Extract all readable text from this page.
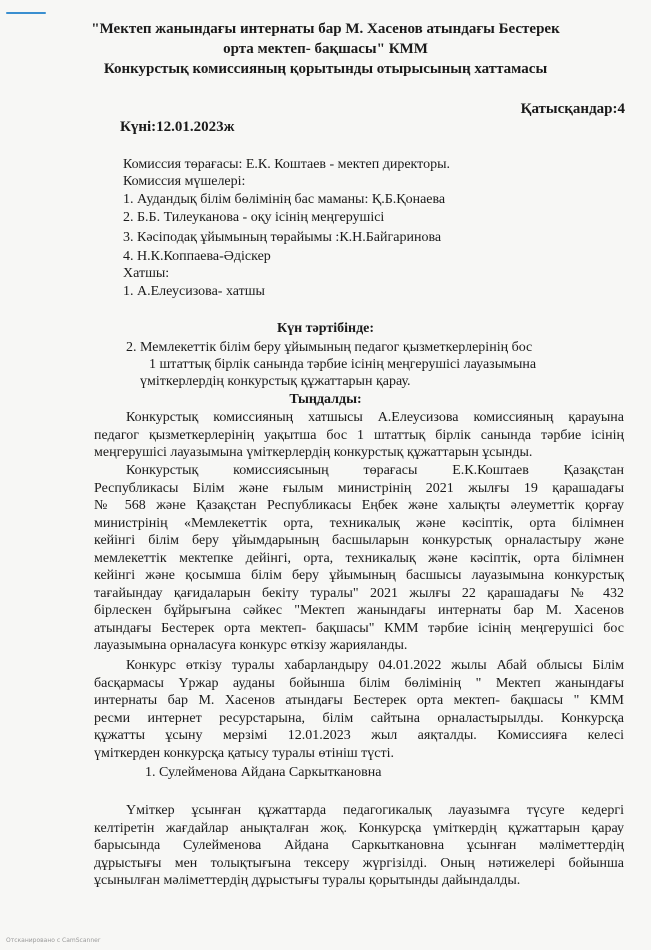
"Мектеп жанындағы интернаты бар М. Хасенов атындағы Бестерек
орта мектеп- бақшасы" КММ
Конкурстық комиссияның қорытынды отырысының хаттамасы
Қатысқандар:4
Күні:12.01.2023ж
Комиссия төрағасы: Е.К. Коштаев - мектеп директоры.
Комиссия мүшелері:
1. Аудандық білім бөлімінің бас маманы: Қ.Б.Қонаева
2. Б.Б. Тилеуканова - оқу ісінің меңгерушісі
3. Кәсіподақ ұйымының төрайымы :К.Н.Байгаринова
4. Н.К.Коппаева-Әдіскер
Хатшы:
1. А.Елеусизова- хатшы
Күн тәртібінде:
2. Мемлекеттік білім беру ұйымының педагог қызметкерлерінің бос
1 штаттық бірлік санында тәрбие ісінің меңгерушісі лауазымына
үміткерлердің конкурстық құжаттарын қарау.
Тыңдалды:
Конкурстық комиссияның хатшысы А.Елеусизова комиссияның қарауына
педагог қызметкерлерінің уақытша бос 1 штаттық бірлік санында тәрбие ісінің
меңгерушісі лауазымына үміткерлердің конкурстық құжаттарын ұсынды.
Конкурстық комиссиясының төрағасы Е.К.Коштаев Қазақстан
Республикасы Білім және ғылым министрінің 2021 жылғы 19 қарашадағы
№ 568 және Қазақстан Республикасы Еңбек және халықты әлеуметтік қорғау
министрінің «Мемлекеттік орта, техникалық және кәсіптік, орта білімнен
кейінгі білім беру ұйымдарының басшыларын конкурстық орналастыру және
мемлекеттік мектепке дейінгі, орта, техникалық және кәсіптік, орта білімнен
кейінгі және қосымша білім беру ұйымының басшысы лауазымына конкурстық
тағайындау қағидаларын бекіту туралы" 2021 жылғы 22 қарашадағы № 432
бірлескен бұйрығына сәйкес "Мектеп жанындағы интернаты бар М. Хасенов
атындағы Бестерек орта мектеп- бақшасы" КММ тәрбие ісінің меңгерушісі бос
лауазымына орналасуға конкурс өткізу жарияланды.
Конкурс өткізу туралы хабарландыру 04.01.2022 жылы Абай облысы Білім
басқармасы Үржар ауданы бойынша білім бөлімінің " Мектеп жанындағы
интернаты бар М. Хасенов атындағы Бестерек орта мектеп- бақшасы " КММ
ресми интернет ресурстарына, білім сайтына орналастырылды. Конкурсқа
құжатты ұсыну мерзімі 12.01.2023 жыл аяқталды. Комиссияға келесі
үміткерден конкурсқа қатысу туралы өтініш түсті.
1. Сулейменова Айдана Саркыткановна
Үміткер ұсынған құжаттарда педагогикалық лауазымға түсуге кедергі
келтіретін жағдайлар анықталған жоқ. Конкурсқа үміткердің құжаттарын қарау
барысында Сулейменова Айдана Саркыткановна ұсынған мәліметтердің
дұрыстығы мен толықтығына тексеру жүргізілді. Оның нәтижелері бойынша
ұсынылған мәліметтердің дұрыстығы туралы қорытынды дайындалды.
Отсканировано с CamScanner
